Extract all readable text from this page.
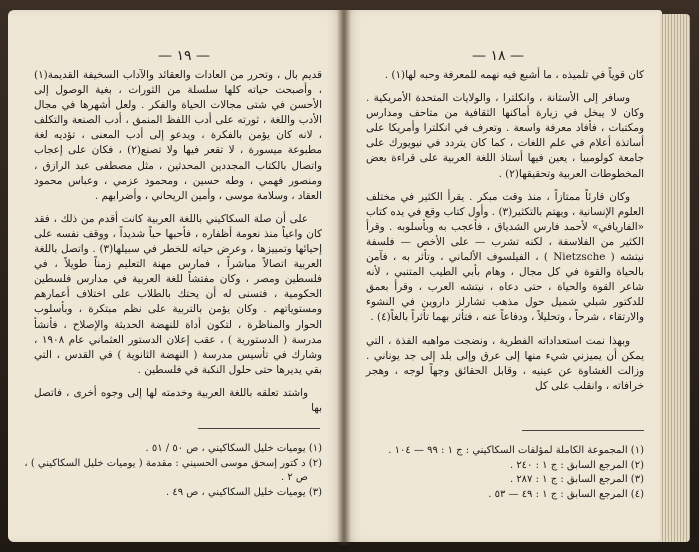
— ١٩ —

قديم بال ، وتحرر من العادات والعقائد والآداب السخيفة القديمة(١) ، وأصبحت حياته كلها سلسلة من الثورات ، بغية الوصول إلى الأحسن في شتى مجالات الحياة والفكر . ولعل أشهرها في مجال الأدب واللغة ، ثورته على أدب اللفظ المنمق ، أدب الصنعة والتكلف ، لانه كان يؤمن بالفكرة ، ويدعو إلى أدب المعنى ، تؤديه لغة مطبوعة ميسورة ، لا تقعر فيها ولا تصنع(٢) ، فكان على إعجاب واتصال بالكتاب المجددين المحدثين ، مثل مصطفى عبد الرازق ، ومنصور فهمي ، وطه حسين ، ومحمود عزمي ، وعباس محمود العقاد ، وسلامة موسى ، وأمين الريحاني ، وأضرابهم .

على أن صلة السكاكيني باللغة العربية كانت أقدم من ذلك ، فقد كان واعياً منذ نعومة أظفاره ، فأحبها حباً شديداً ، ووقف نفسه على إحيائها وتمييزها ، وعرض حياته للخطر في سبيلها(٣) . واتصل باللغة العربية اتصالاً مباشراً ، فمارس مهنة التعليم زمناً طويلاً ، في فلسطين ومصر ، وكان مفتشاً للغة العربية في مدارس فلسطين الحكومية ، فتسنى له أن يحتك بالطلاب على اختلاف أعمارهم ومستوياتهم . وكان يؤمن بالتربية على نظم مبتكرة ، وبأسلوب الحوار والمناظرة ، لتكون أداة للنهضة الحديثة والإصلاح ، فأنشأ مدرسة ( الدستورية ) ، عقب إعلان الدستور العثماني عام ١٩٠٨ ، وشارك في تأسيس مدرسة ( النهضة الثانوية ) في القدس ، التي بقي يديرها حتى حلول النكبة في فلسطين .

واشتد تعلقه باللغة العربية وخدمته لها إلى وجوه أخرى ، فاتصل بها

(١) يوميات خليل السكاكيني ، ص ٥٠ / ٥١ .
(٢) د كتور إسحق موسى الحسيني : مقدمة ( يوميات خليل السكاكيني ) ،
ص ٢ .
(٣) يوميات خليل السكاكيني ، ص ٤٩ .
— ١٨ —

كان قوياً في تلميذه ، ما أشبع فيه نهمه للمعرفة وحبه لها(١) .

وسافر إلى الأستانة ، وانكلترا ، والولايات المتحدة الأمريكية . وكان لا يبخل في زيارة أماكنها الثقافية من متاحف ومدارس ومكتبات ، فأفاد معرفة واسعة . وتعرف في انكلترا وأمريكا على أساتذة أعلام في علم اللغات ، كما كان يتردد في نيويورك على جامعة كولومبيا ، يعين فيها أستاذ اللغة العربية على قراءة بعض المخطوطات العربية وتحقيقها(٢) .

وكان قارئاً ممتازاً ، منذ وقت مبكر . يقرأ الكثير في مختلف العلوم الإنسانية ، ويهتم بالتكثير(٣) . وأول كتاب وقع في يده كتاب «الفاريافي» لأحمد فارس الشدياق ، فأعجب به وبأسلوبه . وقرأ الكثير من الفلاسفة ، لكنه تشرب — على الأخص — فلسفة نيتشه ( Nietzsche ) ، الفيلسوف الألماني ، وتأثر به ، فآمن بالحياة والقوة في كل مجال ، وهام بأبي الطيب المتنبي ، لأنه شاعر القوة والحياة ، حتى دعاه ، نيتشه العرب ، وقرأ بعمق للدكتور شبلي شميل حول مذهب تشارلز داروين في النشوء والارتقاء ، شرحاً ، وتحليلاً ، ودفاعاً عنه ، فتأثر بهما تأثراً بالغاً(٤) .

وبهذا نمت استعداداته الفطرية ، ونضجت مواهبه الفذة ، التي يمكن أن يميزني شيء منها إلى عرق وإلى بلد إلى جد يوناني . وزالت الغشاوة عن عينيه ، وقابل الحقائق وجهاً لوجه ، وهجر خرافاته ، وانقلب على كل

(١) المجموعة الكاملة لمؤلفات السكاكيني : ج ١ : ٩٩ — ١٠٤ .
(٢) المرجع السابق : ج ١ : ٢٤٠ .
(٣) المرجع السابق : ج ١ : ٢٨٧ .
(٤) المرجع السابق : ج ١ : ٤٩ — ٥٣ .
